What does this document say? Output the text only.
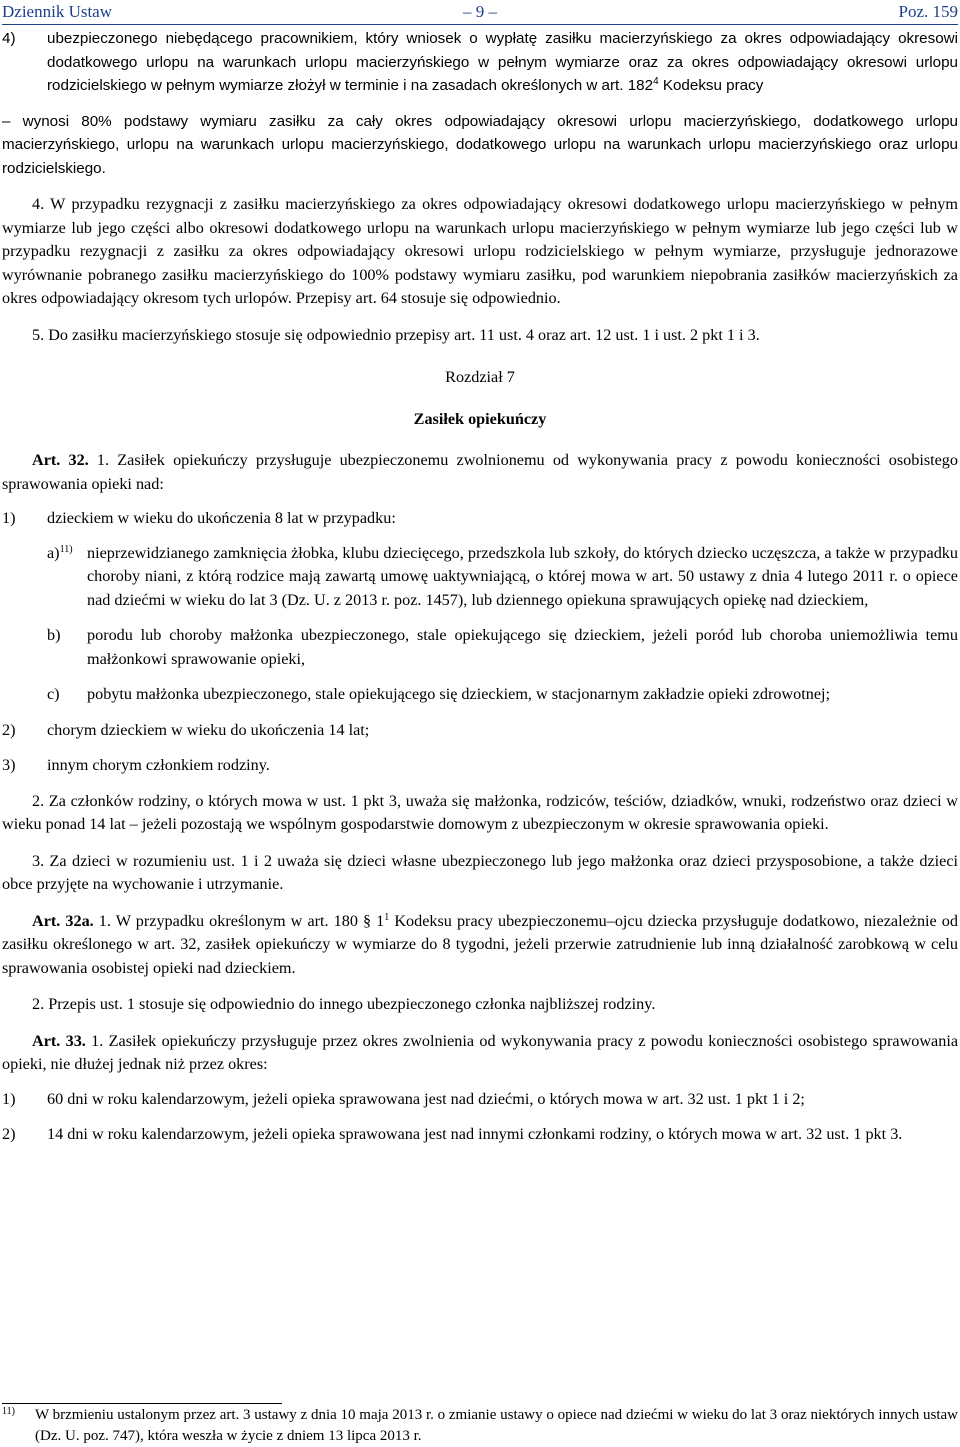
Dziennik Ustaw	– 9 –	Poz. 159
4) ubezpieczonego niebędącego pracownikiem, który wniosek o wypłatę zasiłku macierzyńskiego za okres odpowiadający okresowi dodatkowego urlopu na warunkach urlopu macierzyńskiego w pełnym wymiarze oraz za okres odpowiadający okresowi urlopu rodzicielskiego w pełnym wymiarze złożył w terminie i na zasadach określonych w art. $182^4$ Kodeksu pracy

– wynosi 80% podstawy wymiaru zasiłku za cały okres odpowiadający okresowi urlopu macierzyńskiego, dodatkowego urlopu macierzyńskiego, urlopu na warunkach urlopu macierzyńskiego, dodatkowego urlopu na warunkach urlopu macierzyńskiego oraz urlopu rodzicielskiego.

4. W przypadku rezygnacji z zasiłku macierzyńskiego za okres odpowiadający okresowi dodatkowego urlopu macierzyńskiego w pełnym wymiarze lub jego części albo okresowi dodatkowego urlopu na warunkach urlopu macierzyńskiego w pełnym wymiarze lub jego części lub w przypadku rezygnacji z zasiłku za okres odpowiadający okresowi urlopu rodzicielskiego w pełnym wymiarze, przysługuje jednorazowe wyrównanie pobranego zasiłku macierzyńskiego do 100% podstawy wymiaru zasiłku, pod warunkiem niepobrania zasiłków macierzyńskich za okres odpowiadający okresom tych urlopów. Przepisy art. 64 stosuje się odpowiednio.

5. Do zasiłku macierzyńskiego stosuje się odpowiednio przepisy art. 11 ust. 4 oraz art. 12 ust. 1 i ust. 2 pkt 1 i 3.

Rozdział 7

Zasiłek opiekuńczy

Art. 32. 1. Zasiłek opiekuńczy przysługuje ubezpieczonemu zwolnionemu od wykonywania pracy z powodu konieczności osobistego sprawowania opieki nad:

1) dzieckiem w wieku do ukończenia 8 lat w przypadku:
a)$^{11)}$ nieprzewidzianego zamknięcia żłobka, klubu dziecięcego, przedszkola lub szkoły, do których dziecko uczęszcza, a także w przypadku choroby niani, z którą rodzice mają zawartą umowę uaktywniającą, o której mowa w art. 50 ustawy z dnia 4 lutego 2011 r. o opiece nad dziećmi w wieku do lat 3 (Dz. U. z 2013 r. poz. 1457), lub dziennego opiekuna sprawujących opiekę nad dzieckiem,
b) porodu lub choroby małżonka ubezpieczonego, stale opiekującego się dzieckiem, jeżeli poród lub choroba uniemożliwia temu małżonkowi sprawowanie opieki,
c) pobytu małżonka ubezpieczonego, stale opiekującego się dzieckiem, w stacjonarnym zakładzie opieki zdrowotnej;
2) chorym dzieckiem w wieku do ukończenia 14 lat;
3) innym chorym członkiem rodziny.

2. Za członków rodziny, o których mowa w ust. 1 pkt 3, uważa się małżonka, rodziców, teściów, dziadków, wnuki, rodzeństwo oraz dzieci w wieku ponad 14 lat – jeżeli pozostają we wspólnym gospodarstwie domowym z ubezpieczonym w okresie sprawowania opieki.

3. Za dzieci w rozumieniu ust. 1 i 2 uważa się dzieci własne ubezpieczonego lub jego małżonka oraz dzieci przysposobione, a także dzieci obce przyjęte na wychowanie i utrzymanie.

Art. 32a. 1. W przypadku określonym w art. 180 § $1^1$ Kodeksu pracy ubezpieczonemu–ojcu dziecka przysługuje dodatkowo, niezależnie od zasiłku określonego w art. 32, zasiłek opiekuńczy w wymiarze do 8 tygodni, jeżeli przerwie zatrudnienie lub inną działalność zarobkową w celu sprawowania osobistej opieki nad dzieckiem.

2. Przepis ust. 1 stosuje się odpowiednio do innego ubezpieczonego członka najbliższej rodziny.

Art. 33. 1. Zasiłek opiekuńczy przysługuje przez okres zwolnienia od wykonywania pracy z powodu konieczności osobistego sprawowania opieki, nie dłużej jednak niż przez okres:

1) 60 dni w roku kalendarzowym, jeżeli opieka sprawowana jest nad dziećmi, o których mowa w art. 32 ust. 1 pkt 1 i 2;
2) 14 dni w roku kalendarzowym, jeżeli opieka sprawowana jest nad innymi członkami rodziny, o których mowa w art. 32 ust. 1 pkt 3.
11)	W brzmieniu ustalonym przez art. 3 ustawy z dnia 10 maja 2013 r. o zmianie ustawy o opiece nad dziećmi w wieku do lat 3 oraz niektórych innych ustaw (Dz. U. poz. 747), która weszła w życie z dniem 13 lipca 2013 r.
